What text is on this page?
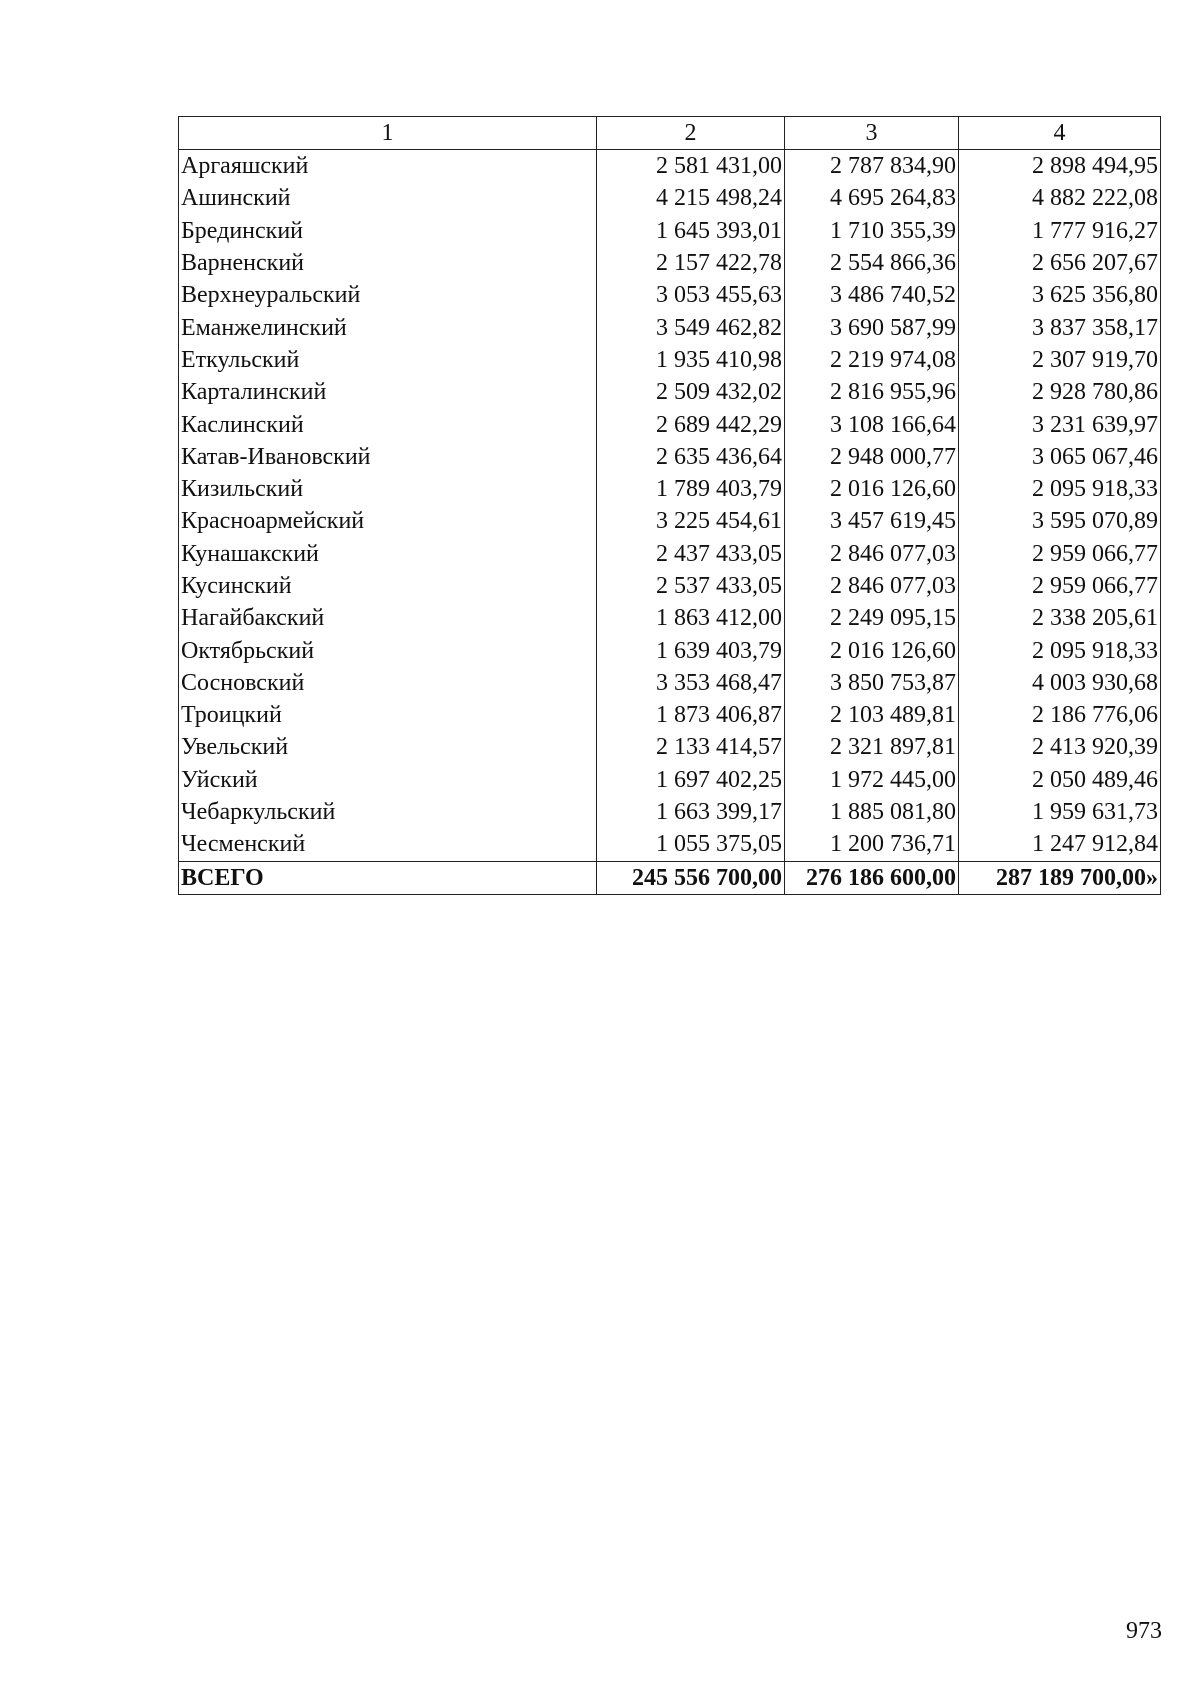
1	2	3	4
Аргаяшский	2 581 431,00	2 787 834,90	2 898 494,95
Ашинский	4 215 498,24	4 695 264,83	4 882 222,08
Брединский	1 645 393,01	1 710 355,39	1 777 916,27
Варненский	2 157 422,78	2 554 866,36	2 656 207,67
Верхнеуральский	3 053 455,63	3 486 740,52	3 625 356,80
Еманжелинский	3 549 462,82	3 690 587,99	3 837 358,17
Еткульский	1 935 410,98	2 219 974,08	2 307 919,70
Карталинский	2 509 432,02	2 816 955,96	2 928 780,86
Каслинский	2 689 442,29	3 108 166,64	3 231 639,97
Катав-Ивановский	2 635 436,64	2 948 000,77	3 065 067,46
Кизильский	1 789 403,79	2 016 126,60	2 095 918,33
Красноармейский	3 225 454,61	3 457 619,45	3 595 070,89
Кунашакский	2 437 433,05	2 846 077,03	2 959 066,77
Кусинский	2 537 433,05	2 846 077,03	2 959 066,77
Нагайбакский	1 863 412,00	2 249 095,15	2 338 205,61
Октябрьский	1 639 403,79	2 016 126,60	2 095 918,33
Сосновский	3 353 468,47	3 850 753,87	4 003 930,68
Троицкий	1 873 406,87	2 103 489,81	2 186 776,06
Увельский	2 133 414,57	2 321 897,81	2 413 920,39
Уйский	1 697 402,25	1 972 445,00	2 050 489,46
Чебаркульский	1 663 399,17	1 885 081,80	1 959 631,73
Чесменский	1 055 375,05	1 200 736,71	1 247 912,84
ВСЕГО	245 556 700,00	276 186 600,00	287 189 700,00»
973
